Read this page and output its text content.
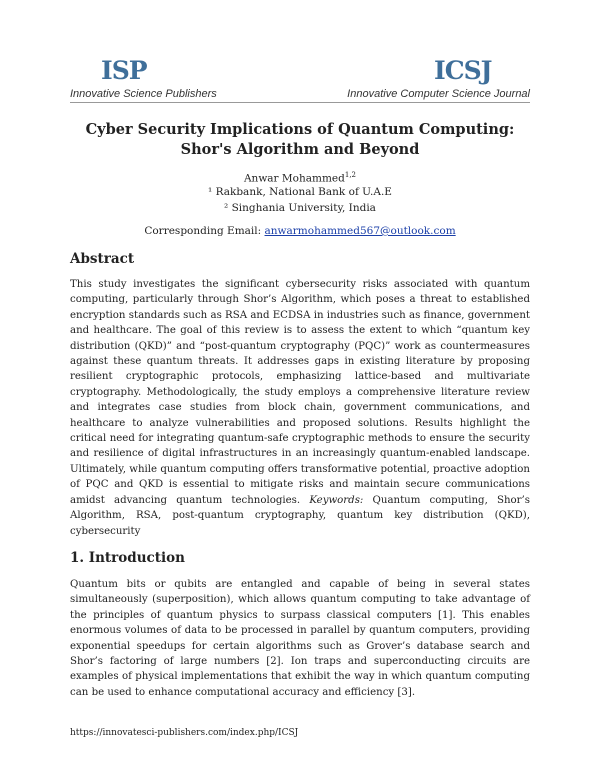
ISP	ICSJ
Innovative Science Publishers	Innovative Computer Science Journal
Cyber Security Implications of Quantum Computing:
Shor's Algorithm and Beyond
Anwar Mohammed$^{1,2}$
¹ Rakbank, National Bank of U.A.E
² Singhania University, India
Corresponding Email: anwarmohammed567@outlook.com
Abstract
This study investigates the significant cybersecurity risks associated with quantum computing, particularly through Shor’s Algorithm, which poses a threat to established encryption standards such as RSA and ECDSA in industries such as finance, government and healthcare. The goal of this review is to assess the extent to which “quantum key distribution (QKD)” and “post-quantum cryptography (PQC)” work as countermeasures against these quantum threats. It addresses gaps in existing literature by proposing resilient cryptographic protocols, emphasizing lattice-based and multivariate cryptography. Methodologically, the study employs a comprehensive literature review and integrates case studies from block chain, government communications, and healthcare to analyze vulnerabilities and proposed solutions. Results highlight the critical need for integrating quantum-safe cryptographic methods to ensure the security and resilience of digital infrastructures in an increasingly quantum-enabled landscape. Ultimately, while quantum computing offers transformative potential, proactive adoption of PQC and QKD is essential to mitigate risks and maintain secure communications amidst advancing quantum technologies. Keywords: Quantum computing, Shor’s Algorithm, RSA, post-quantum cryptography, quantum key distribution (QKD), cybersecurity
1. Introduction
Quantum bits or qubits are entangled and capable of being in several states simultaneously (superposition), which allows quantum computing to take advantage of the principles of quantum physics to surpass classical computers [1]. This enables enormous volumes of data to be processed in parallel by quantum computers, providing exponential speedups for certain algorithms such as Grover’s database search and Shor’s factoring of large numbers [2]. Ion traps and superconducting circuits are examples of physical implementations that exhibit the way in which quantum computing can be used to enhance computational accuracy and efficiency [3].
https://innovatesci-publishers.com/index.php/ICSJ
